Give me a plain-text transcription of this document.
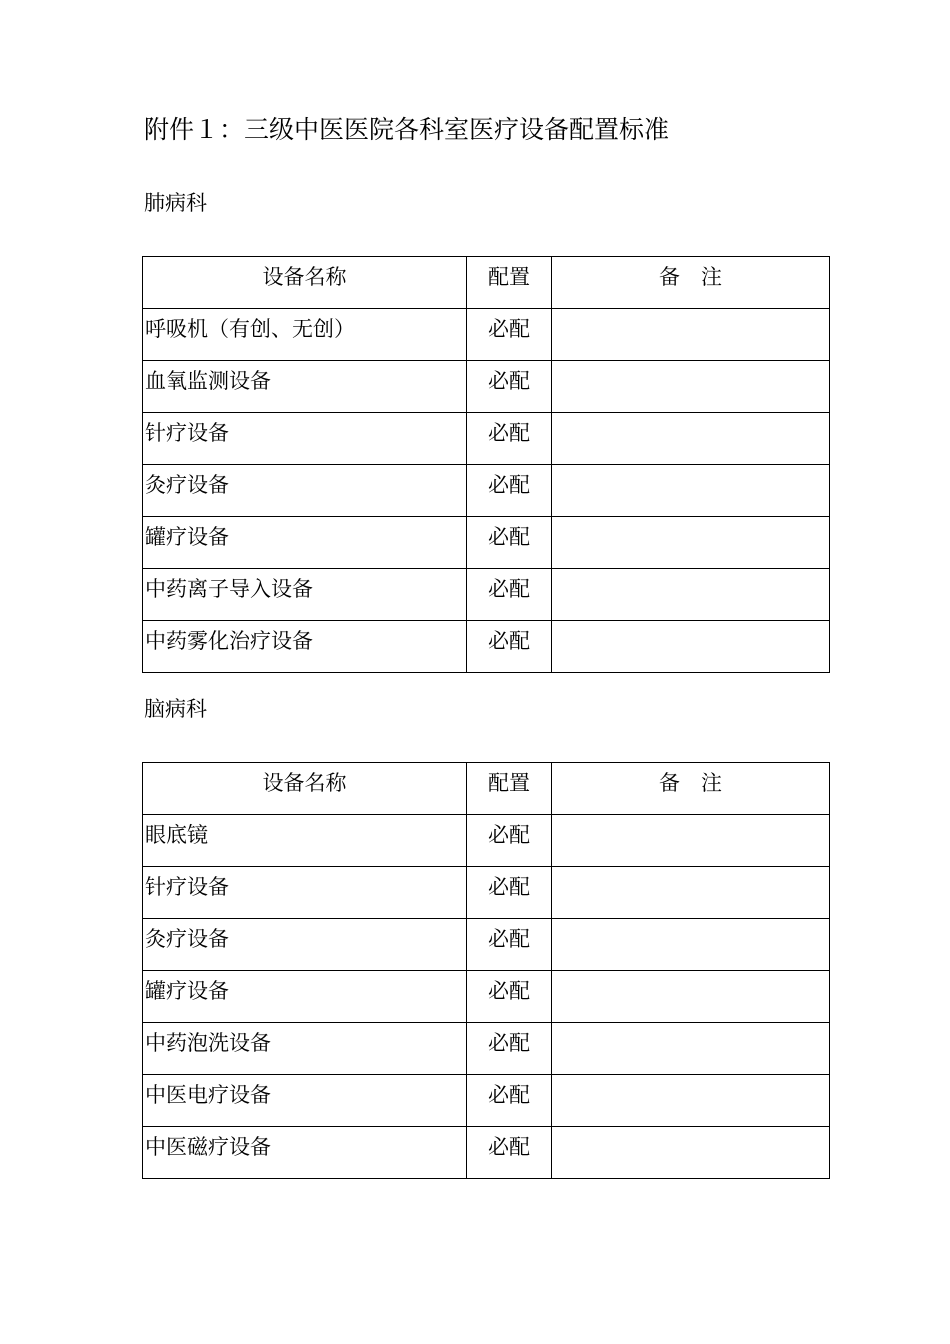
附件１：三级中医医院各科室医疗设备配置标准
肺病科
设备名称	配置	备　注

呼吸机（有创、无创）	必配	

血氧监测设备	必配	

针疗设备	必配	

灸疗设备	必配	

罐疗设备	必配	

中药离子导入设备	必配	

中药雾化治疗设备	必配	

脑病科
设备名称	配置	备　注

眼底镜	必配	

针疗设备	必配	

灸疗设备	必配	

罐疗设备	必配	

中药泡洗设备	必配	

中医电疗设备	必配	

中医磁疗设备	必配	
